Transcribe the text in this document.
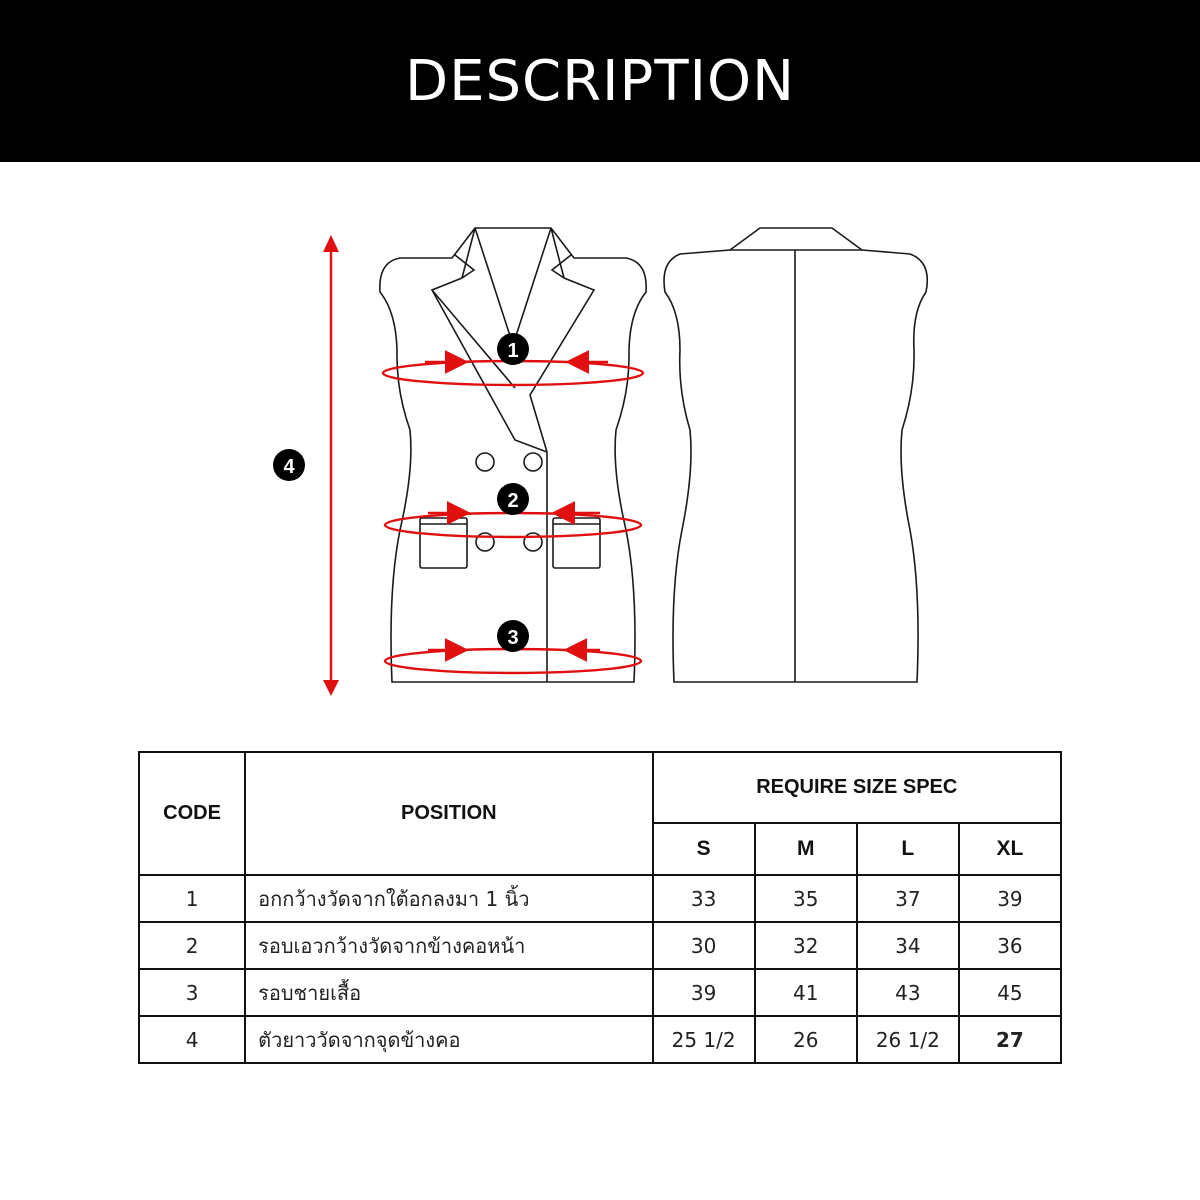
DESCRIPTION
1
2
3
4
CODE	POSITION	REQUIRE SIZE SPEC			
		S	M	L	XL
1	อกกว้างวัดจากใต้อกลงมา 1 นิ้ว	33	35	37	39
2	รอบเอวกว้างวัดจากข้างคอหน้า	30	32	34	36
3	รอบชายเสื้อ	39	41	43	45
4	ตัวยาววัดจากจุดข้างคอ	25 1/2	26	26 1/2	27
